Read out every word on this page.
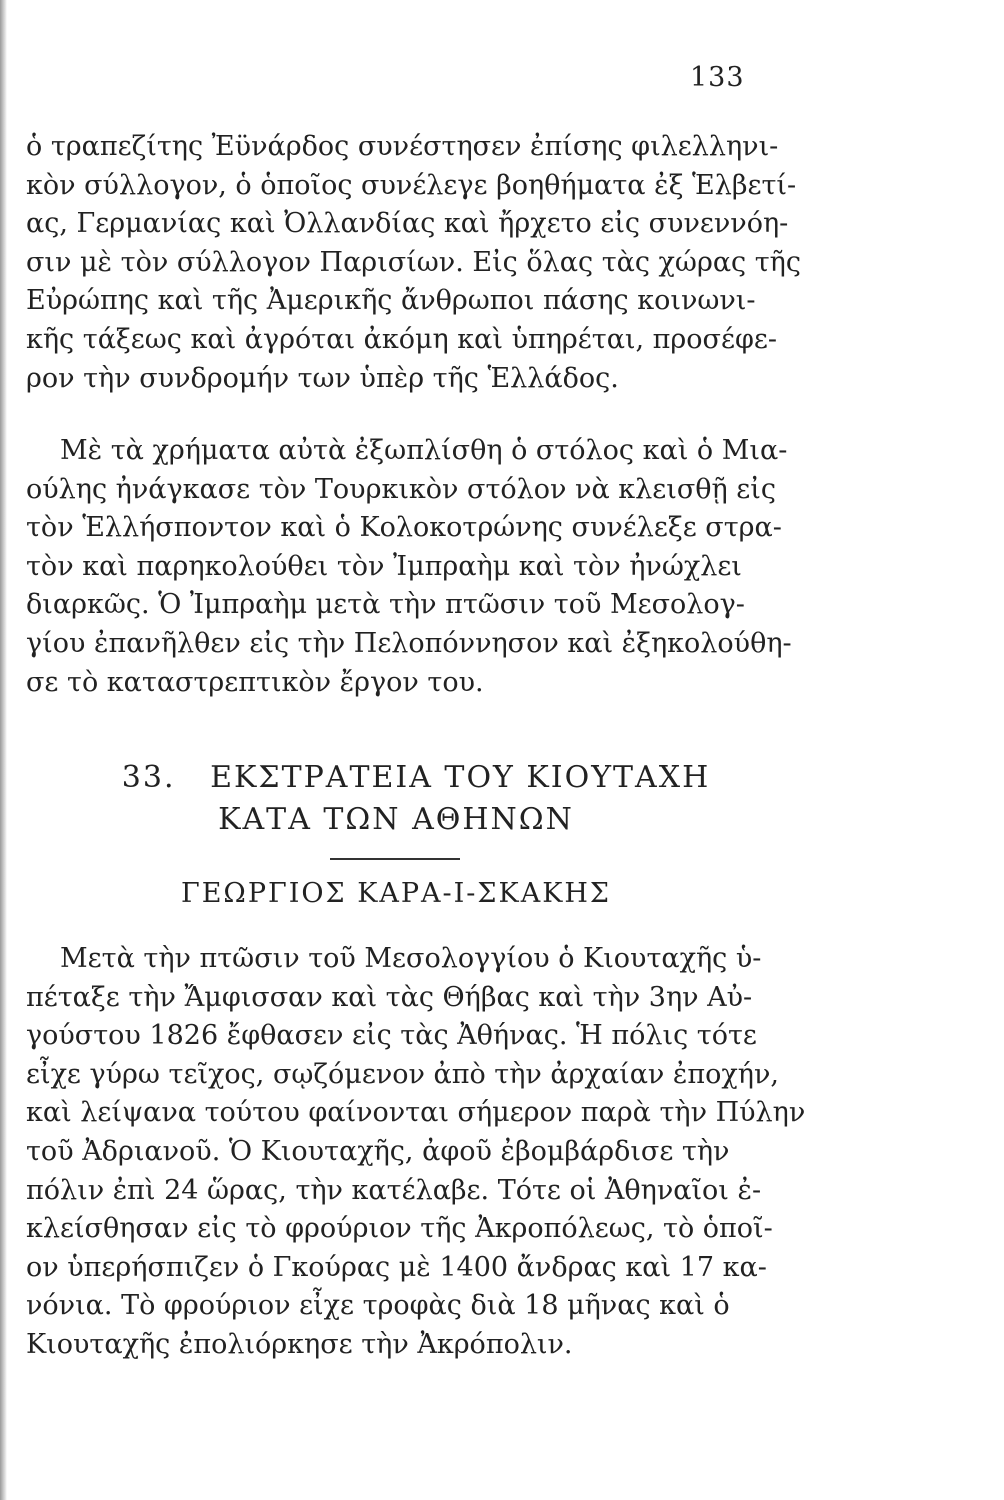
133
ὁ τραπεζίτης Ἐϋνάρδος συνέστησεν ἐπίσης φιλελληνι-
κὸν σύλλογον, ὁ ὁποῖος συνέλεγε βοηθήματα ἐξ Ἑλβετί-
ας, Γερμανίας καὶ Ὀλλανδίας καὶ ἤρχετο εἰς συνεννόη-
σιν μὲ τὸν σύλλογον Παρισίων. Εἰς ὅλας τὰς χώρας τῆς
Εὐρώπης καὶ τῆς Ἀμερικῆς ἄνθρωποι πάσης κοινωνι-
κῆς τάξεως καὶ ἀγρόται ἀκόμη καὶ ὑπηρέται, προσέφε-
ρον τὴν συνδρομήν των ὑπὲρ τῆς Ἑλλάδος.
Μὲ τὰ χρήματα αὐτὰ ἐξωπλίσθη ὁ στόλος καὶ ὁ Μια-
ούλης ἠνάγκασε τὸν Τουρκικὸν στόλον νὰ κλεισθῇ εἰς
τὸν Ἑλλήσποντον καὶ ὁ Κολοκοτρώνης συνέλεξε στρα-
τὸν καὶ παρηκολούθει τὸν Ἰμπραὴμ καὶ τὸν ἠνώχλει
διαρκῶς. Ὁ Ἰμπραὴμ μετὰ τὴν πτῶσιν τοῦ Μεσολογ-
γίου ἐπανῆλθεν εἰς τὴν Πελοπόννησον καὶ ἐξηκολούθη-
σε τὸ καταστρεπτικὸν ἔργον του.
33.   ΕΚΣΤΡΑΤΕΙΑ ΤΟΥ ΚΙΟΥΤΑΧΗ
ΚΑΤΑ ΤΩΝ ΑΘΗΝΩΝ
ΓΕΩΡΓΙΟΣ ΚΑΡΑ-Ι-ΣΚΑΚΗΣ
Μετὰ τὴν πτῶσιν τοῦ Μεσολογγίου ὁ Κιουταχῆς ὑ-
πέταξε τὴν Ἄμφισσαν καὶ τὰς Θήβας καὶ τὴν 3ην Αὐ-
γούστου 1826 ἔφθασεν εἰς τὰς Ἀθήνας. Ἡ πόλις τότε
εἶχε γύρω τεῖχος, σῳζόμενον ἀπὸ τὴν ἀρχαίαν ἐποχήν,
καὶ λείψανα τούτου φαίνονται σήμερον παρὰ τὴν Πύλην
τοῦ Ἀδριανοῦ. Ὁ Κιουταχῆς, ἀφοῦ ἐβομβάρδισε τὴν
πόλιν ἐπὶ 24 ὥρας, τὴν κατέλαβε. Τότε οἱ Ἀθηναῖοι ἐ-
κλείσθησαν εἰς τὸ φρούριον τῆς Ἀκροπόλεως, τὸ ὁποῖ-
ον ὑπερήσπιζεν ὁ Γκούρας μὲ 1400 ἄνδρας καὶ 17 κα-
νόνια. Τὸ φρούριον εἶχε τροφὰς διὰ 18 μῆνας καὶ ὁ
Κιουταχῆς ἐπολιόρκησε τὴν Ἀκρόπολιν.
